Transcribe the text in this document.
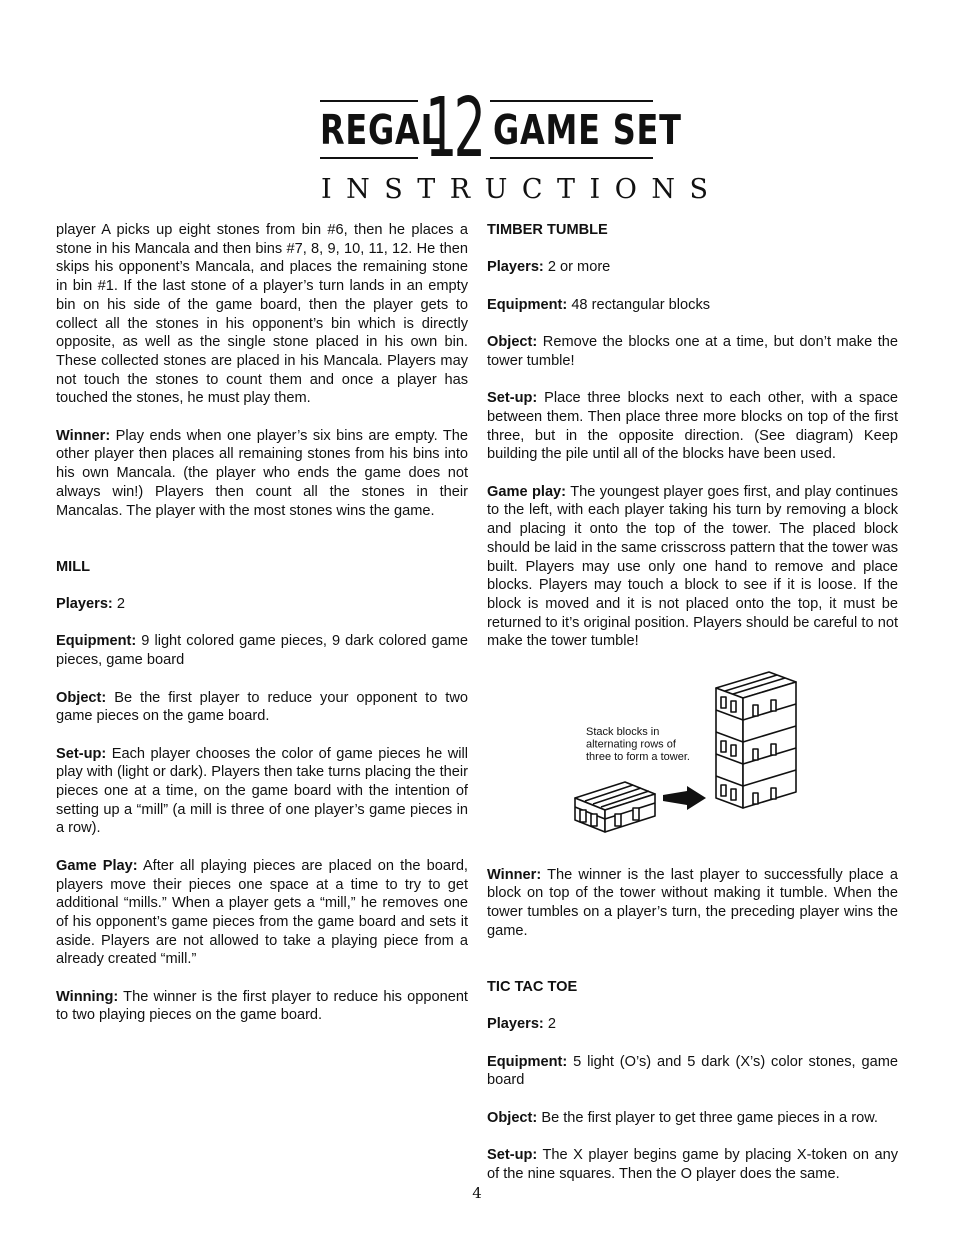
REGAL
12 GAME SET
INSTRUCTIONS

player A picks up eight stones from bin #6, then he places a stone in his Mancala and then bins #7, 8, 9, 10, 11, 12. He then skips his opponent’s Mancala, and places the remaining stone in bin #1. If the last stone of a player’s turn lands in an empty bin on his side of the game board, then the player gets to collect all the stones in his opponent’s bin which is directly opposite, as well as the single stone placed in his own bin. These collected stones are placed in his Mancala. Players may not touch the stones to count them and once a player has touched the stones, he must play them.

Winner: Play ends when one player’s six bins are empty. The other player then places all remaining stones from his bins into his own Mancala. (the player who ends the game does not always win!) Players then count all the stones in their Mancalas. The player with the most stones wins the game.

MILL

Players: 2

Equipment: 9 light colored game pieces, 9 dark colored game pieces, game board

Object: Be the first player to reduce your opponent to two game pieces on the game board.

Set-up: Each player chooses the color of game pieces he will play with (light or dark). Players then take turns placing the their pieces one at a time, on the game board with the intention of setting up a “mill” (a mill is three of one player’s game pieces in a row).

Game Play: After all playing pieces are placed on the board, players move their pieces one space at a time to try to get additional “mills.” When a player gets a “mill,” he removes one of his opponent’s game pieces from the game board and sets it aside. Players are not allowed to take a playing piece from a already created “mill.”

Winning: The winner is the first player to reduce his opponent to two playing pieces on the game board.

TIMBER TUMBLE

Players: 2 or more

Equipment: 48 rectangular blocks

Object: Remove the blocks one at a time, but don’t make the tower tumble!

Set-up: Place three blocks next to each other, with a space between them. Then place three more blocks on top of the first three, but in the opposite direction. (See diagram) Keep building the pile until all of the blocks have been used.

Game play: The youngest player goes first, and play continues to the left, with each player taking his turn by removing a block and placing it onto the top of the tower. The placed block should be laid in the same crisscross pattern that the tower was built. Players may use only one hand to remove and place blocks. Players may touch a block to see if it is loose. If the block is moved and it is not placed onto the top, it must be returned to it’s original position. Players should be careful to not make the tower tumble!

Stack blocks in
alternating rows of
three to form a tower.

Winner: The winner is the last player to successfully place a block on top of the tower without making it tumble. When the tower tumbles on a player’s turn, the preceding player wins the game.

TIC TAC TOE

Players: 2

Equipment: 5 light (O’s) and 5 dark (X’s) color stones, game board

Object: Be the first player to get three game pieces in a row.

Set-up: The X player begins game by placing X-token on any of the nine squares. Then the O player does the same.

4
